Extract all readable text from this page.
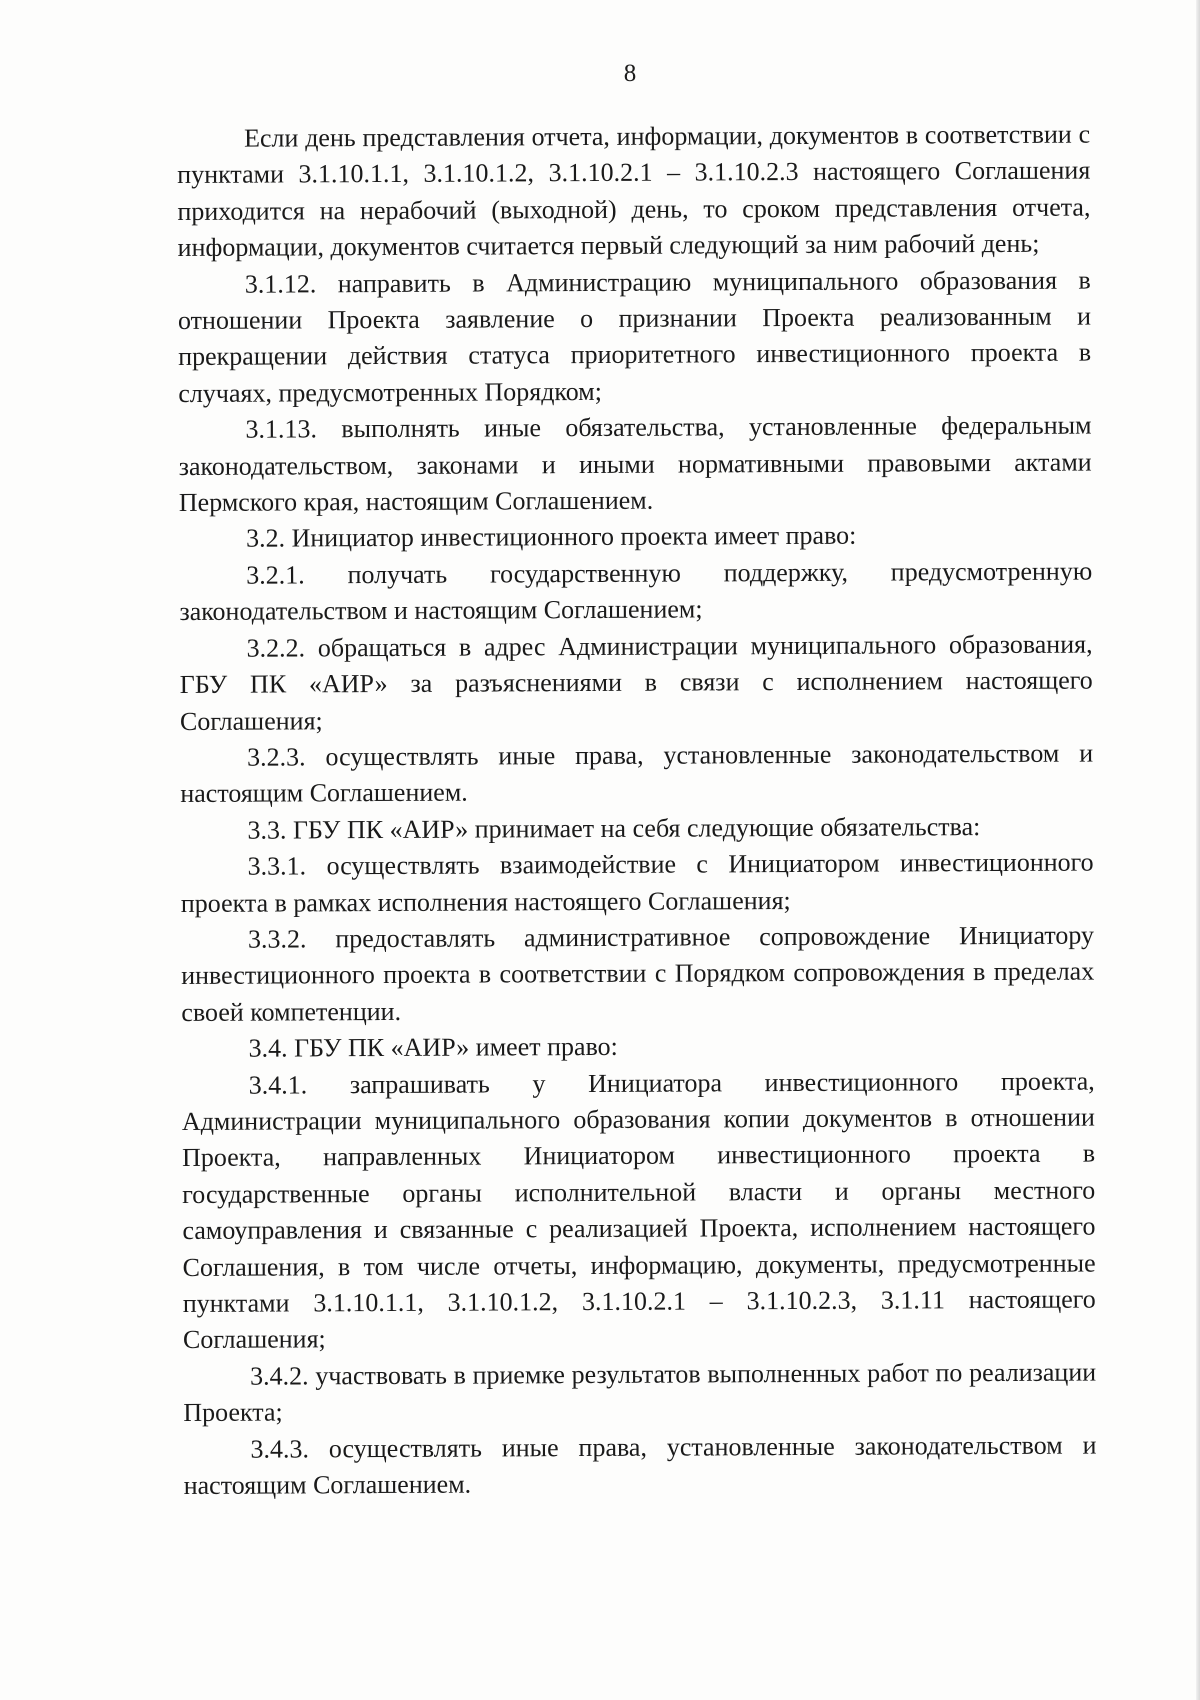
8

Если день представления отчета, информации, документов в соответствии с пунктами 3.1.10.1.1, 3.1.10.1.2, 3.1.10.2.1 – 3.1.10.2.3 настоящего Соглашения приходится на нерабочий (выходной) день, то сроком представления отчета, информации, документов считается первый следующий за ним рабочий день;

3.1.12. направить в Администрацию муниципального образования в отношении Проекта заявление о признании Проекта реализованным и прекращении действия статуса приоритетного инвестиционного проекта в случаях, предусмотренных Порядком;

3.1.13. выполнять иные обязательства, установленные федеральным законодательством, законами и иными нормативными правовыми актами Пермского края, настоящим Соглашением.

3.2. Инициатор инвестиционного проекта имеет право:

3.2.1. получать государственную поддержку, предусмотренную законодательством и настоящим Соглашением;

3.2.2. обращаться в адрес Администрации муниципального образования, ГБУ ПК «АИР» за разъяснениями в связи с исполнением настоящего Соглашения;

3.2.3. осуществлять иные права, установленные законодательством и настоящим Соглашением.

3.3. ГБУ ПК «АИР» принимает на себя следующие обязательства:

3.3.1. осуществлять взаимодействие с Инициатором инвестиционного проекта в рамках исполнения настоящего Соглашения;

3.3.2. предоставлять административное сопровождение Инициатору инвестиционного проекта в соответствии с Порядком сопровождения в пределах своей компетенции.

3.4. ГБУ ПК «АИР» имеет право:

3.4.1. запрашивать у Инициатора инвестиционного проекта, Администрации муниципального образования копии документов в отношении Проекта, направленных Инициатором инвестиционного проекта в государственные органы исполнительной власти и органы местного самоуправления и связанные с реализацией Проекта, исполнением настоящего Соглашения, в том числе отчеты, информацию, документы, предусмотренные пунктами 3.1.10.1.1, 3.1.10.1.2, 3.1.10.2.1 – 3.1.10.2.3, 3.1.11 настоящего Соглашения;

3.4.2. участвовать в приемке результатов выполненных работ по реализации Проекта;

3.4.3. осуществлять иные права, установленные законодательством и настоящим Соглашением.
